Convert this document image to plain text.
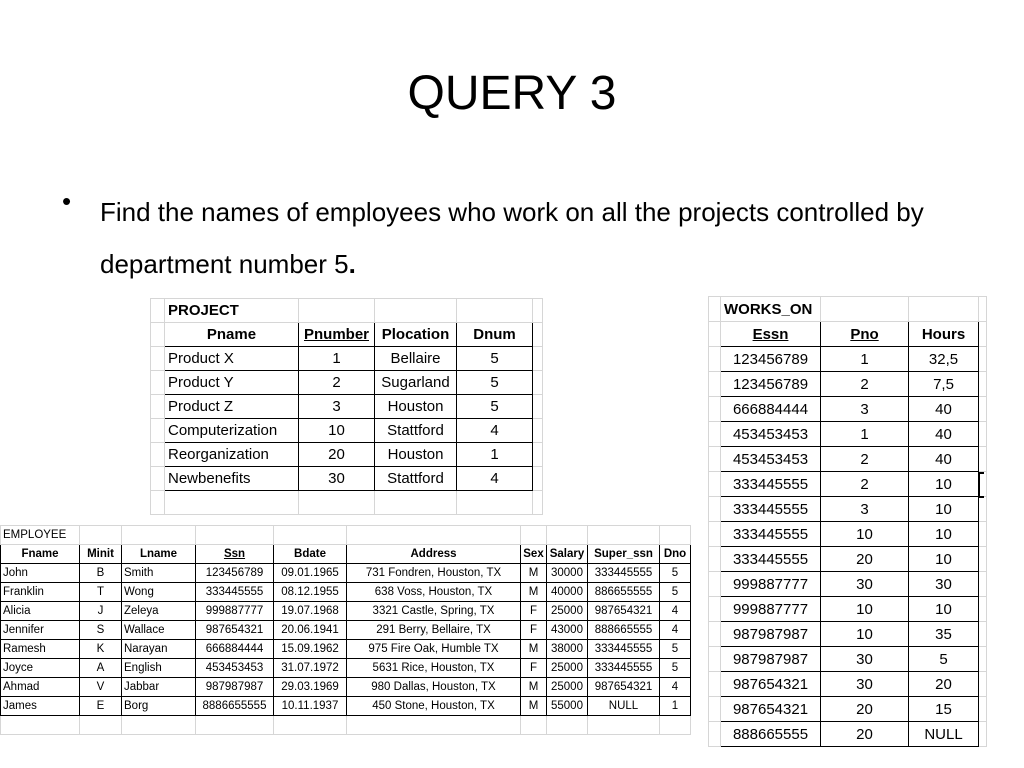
QUERY 3
• Find the names of employees who work on all the projects controlled by department number 5.
	PROJECT				
	Pname	Pnumber	Plocation	Dnum	
	Product X	1	Bellaire	5	
	Product Y	2	Sugarland	5	
	Product Z	3	Houston	5	
	Computerization	10	Stattford	4	
	Reorganization	20	Houston	1	
	Newbenefits	30	Stattford	4	

	WORKS_ON			
	Essn	Pno	Hours	
	123456789	1	32,5	
	123456789	2	7,5	
	666884444	3	40	
	453453453	1	40	
	453453453	2	40	
	333445555	2	10	
	333445555	3	10	
	333445555	10	10	
	333445555	20	10	
	999887777	30	30	
	999887777	10	10	
	987987987	10	35	
	987987987	30	5	
	987654321	30	20	
	987654321	20	15	
	888665555	20	NULL	
EMPLOYEE									
Fname	Minit	Lname	Ssn	Bdate	Address	Sex	Salary	Super_ssn	Dno
John	B	Smith	123456789	09.01.1965	731 Fondren, Houston, TX	M	30000	333445555	5
Franklin	T	Wong	333445555	08.12.1955	638 Voss, Houston, TX	M	40000	886655555	5
Alicia	J	Zeleya	999887777	19.07.1968	3321 Castle, Spring, TX	F	25000	987654321	4
Jennifer	S	Wallace	987654321	20.06.1941	291 Berry, Bellaire, TX	F	43000	888665555	4
Ramesh	K	Narayan	666884444	15.09.1962	975 Fire Oak, Humble TX	M	38000	333445555	5
Joyce	A	English	453453453	31.07.1972	5631 Rice, Houston, TX	F	25000	333445555	5
Ahmad	V	Jabbar	987987987	29.03.1969	980 Dallas, Houston, TX	M	25000	987654321	4
James	E	Borg	8886655555	10.11.1937	450 Stone, Houston, TX	M	55000	NULL	1
